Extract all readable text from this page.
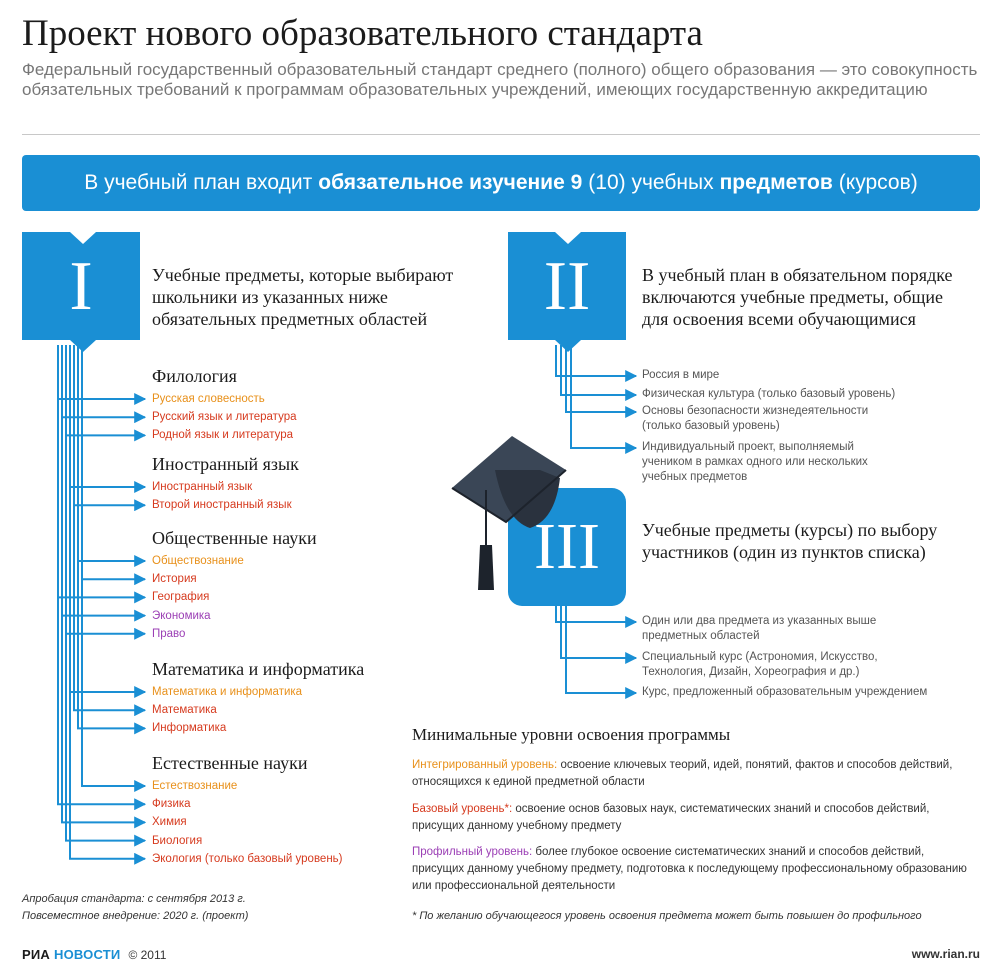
Проект нового образовательного стандарта
Федеральный государственный образовательный стандарт среднего (полного) общего образования — это совокупность обязательных требований к программам образовательных учреждений, имеющих государственную аккредитацию
В учебный план входит обязательное изучение 9 (10) учебных предметов (курсов)
I	II
III
Учебные предметы, которые выбирают школьники из указанных ниже обязательных предметных областей
В учебный план в обязательном порядке включаются учебные предметы, общие для освоения всеми обучающимися
Учебные предметы (курсы) по выбору участников (один из пунктов списка)
Филология
Русская словесность
Русский язык и литература
Родной язык и литература
Иностранный язык
Иностранный язык
Второй иностранный язык
Общественные науки
Обществознание
История
География
Экономика
Право
Математика и информатика
Математика и информатика
Математика
Информатика
Естественные науки
Естествознание
Физика
Химия
Биология
Экология (только базовый уровень)
Россия в мире
Физическая культура (только базовый уровень)
Основы безопасности жизнедеятельности (только базовый уровень)
Индивидуальный проект, выполняемый учеником в рамках одного или нескольких учебных предметов
Один или два предмета из указанных выше предметных областей
Специальный курс (Астрономия, Искусство, Технология, Дизайн, Хореография и др.)
Курс, предложенный образовательным учреждением
Минимальные уровни освоения программы
Интегрированный уровень: освоение ключевых теорий, идей, понятий, фактов и способов действий, относящихся к единой предметной области
Базовый уровень*: освоение основ базовых наук, систематических знаний и способов действий, присущих данному учебному предмету
Профильный уровень: более глубокое освоение систематических знаний и способов действий, присущих данному учебному предмету, подготовка к последующему профессиональному образованию или профессиональной деятельности
* По желанию обучающегося уровень освоения предмета может быть повышен до профильного
Апробация стандарта: с сентября 2013 г.
Повсеместное внедрение: 2020 г. (проект)
РИА НОВОСТИ © 2011	www.rian.ru
